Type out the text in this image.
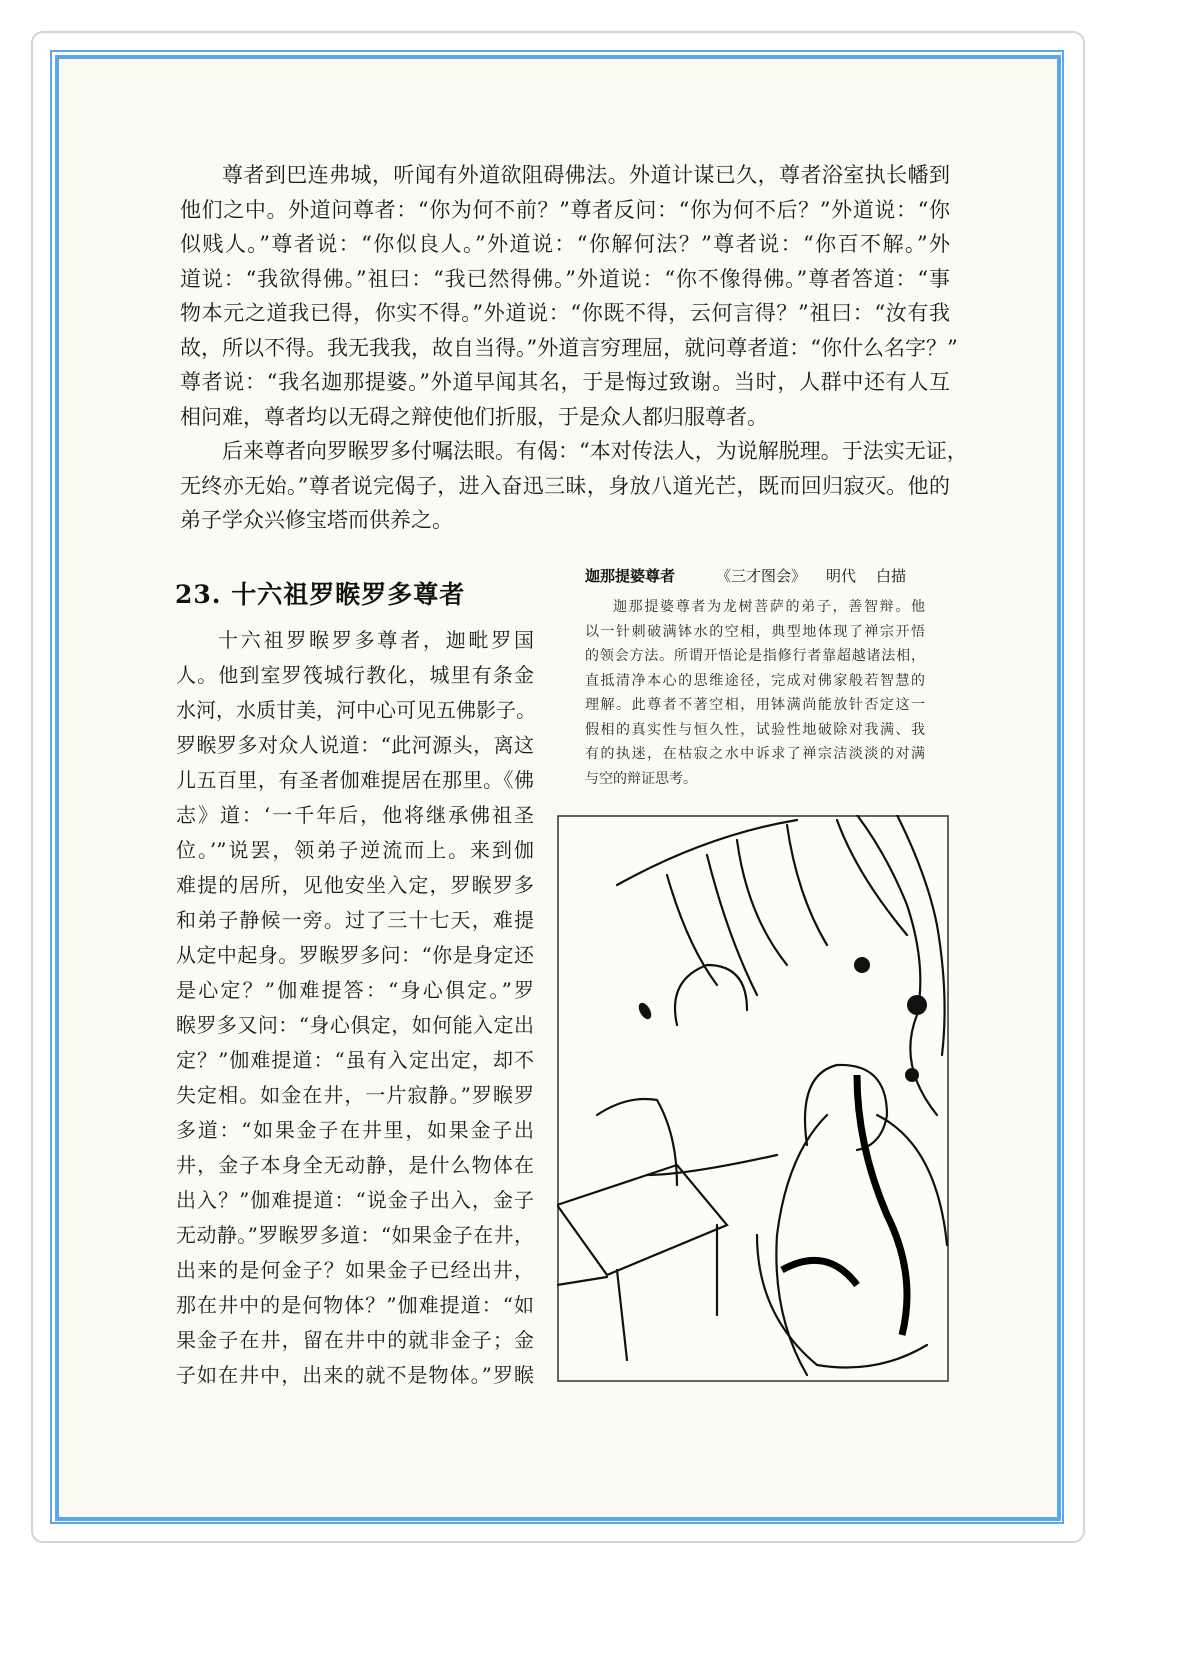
尊者到巴连弗城，听闻有外道欲阻碍佛法。外道计谋已久，尊者浴室执长幡到
他们之中。外道问尊者：“你为何不前？”尊者反问：“你为何不后？”外道说：“你
似贱人。”尊者说：“你似良人。”外道说：“你解何法？”尊者说：“你百不解。”外
道说：“我欲得佛。”祖曰：“我已然得佛。”外道说：“你不像得佛。”尊者答道：“事
物本元之道我已得，你实不得。”外道说：“你既不得，云何言得？”祖曰：“汝有我
故，所以不得。我无我我，故自当得。”外道言穷理屈，就问尊者道：“你什么名字？”
尊者说：“我名迦那提婆。”外道早闻其名，于是悔过致谢。当时，人群中还有人互
相问难，尊者均以无碍之辩使他们折服，于是众人都归服尊者。
后来尊者向罗睺罗多付嘱法眼。有偈：“本对传法人，为说解脱理。于法实无证，
无终亦无始。”尊者说完偈子，进入奋迅三昧，身放八道光芒，既而回归寂灭。他的
弟子学众兴修宝塔而供养之。
23. 十六祖罗睺罗多尊者
十六祖罗睺罗多尊者，迦毗罗国
人。他到室罗筏城行教化，城里有条金
水河，水质甘美，河中心可见五佛影子。
罗睺罗多对众人说道：“此河源头，离这
儿五百里，有圣者伽难提居在那里。《佛
志》道：‘一千年后，他将继承佛祖圣
位。’”说罢，领弟子逆流而上。来到伽
难提的居所，见他安坐入定，罗睺罗多
和弟子静候一旁。过了三十七天，难提
从定中起身。罗睺罗多问：“你是身定还
是心定？”伽难提答：“身心俱定。”罗
睺罗多又问：“身心俱定，如何能入定出
定？”伽难提道：“虽有入定出定，却不
失定相。如金在井，一片寂静。”罗睺罗
多道：“如果金子在井里，如果金子出
井，金子本身全无动静，是什么物体在
出入？”伽难提道：“说金子出入，金子
无动静。”罗睺罗多道：“如果金子在井，
出来的是何金子？如果金子已经出井，
那在井中的是何物体？”伽难提道：“如
果金子在井，留在井中的就非金子；金
子如在井中，出来的就不是物体。”罗睺
迦那提婆尊者	《三才图会》 明代 白描
迦那提婆尊者为龙树菩萨的弟子，善智辩。他
以一针刺破满钵水的空相，典型地体现了禅宗开悟
的领会方法。所谓开悟论是指修行者靠超越诸法相，
直抵清净本心的思维途径，完成对佛家般若智慧的
理解。此尊者不著空相，用钵满尚能放针否定这一
假相的真实性与恒久性，试验性地破除对我满、我
有的执迷，在枯寂之水中诉求了禅宗洁淡淡的对满
与空的辩证思考。
